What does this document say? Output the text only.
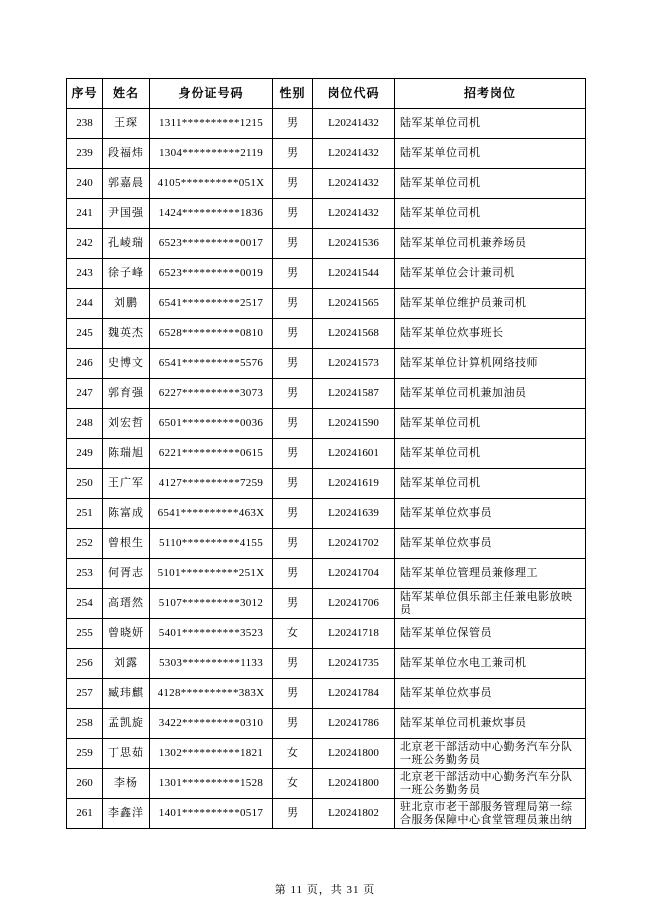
序号	姓名	身份证号码	性别	岗位代码	招考岗位
238	王琛	1311**********1215	男	L20241432	陆军某单位司机
239	段福炜	1304**********2119	男	L20241432	陆军某单位司机
240	郭嘉晨	4105**********051X	男	L20241432	陆军某单位司机
241	尹国强	1424**********1836	男	L20241432	陆军某单位司机
242	孔崚瑞	6523**********0017	男	L20241536	陆军某单位司机兼养场员
243	徐子峰	6523**********0019	男	L20241544	陆军某单位会计兼司机
244	刘鹏	6541**********2517	男	L20241565	陆军某单位维护员兼司机
245	魏英杰	6528**********0810	男	L20241568	陆军某单位炊事班长
246	史博文	6541**********5576	男	L20241573	陆军某单位计算机网络技师
247	郭育强	6227**********3073	男	L20241587	陆军某单位司机兼加油员
248	刘宏哲	6501**********0036	男	L20241590	陆军某单位司机
249	陈瑞旭	6221**********0615	男	L20241601	陆军某单位司机
250	王广军	4127**********7259	男	L20241619	陆军某单位司机
251	陈富成	6541**********463X	男	L20241639	陆军某单位炊事员
252	曾根生	5110**********4155	男	L20241702	陆军某单位炊事员
253	何胥志	5101**********251X	男	L20241704	陆军某单位管理员兼修理工
254	高瑨然	5107**********3012	男	L20241706	陆军某单位俱乐部主任兼电影放映员
255	曾晓妍	5401**********3523	女	L20241718	陆军某单位保管员
256	刘露	5303**********1133	男	L20241735	陆军某单位水电工兼司机
257	臧玮麒	4128**********383X	男	L20241784	陆军某单位炊事员
258	孟凯旋	3422**********0310	男	L20241786	陆军某单位司机兼炊事员
259	丁思茹	1302**********1821	女	L20241800	北京老干部活动中心勤务汽车分队一班公务勤务员
260	李杨	1301**********1528	女	L20241800	北京老干部活动中心勤务汽车分队一班公务勤务员
261	李鑫洋	1401**********0517	男	L20241802	驻北京市老干部服务管理局第一综合服务保障中心食堂管理员兼出纳
第 11 页，共 31 页
